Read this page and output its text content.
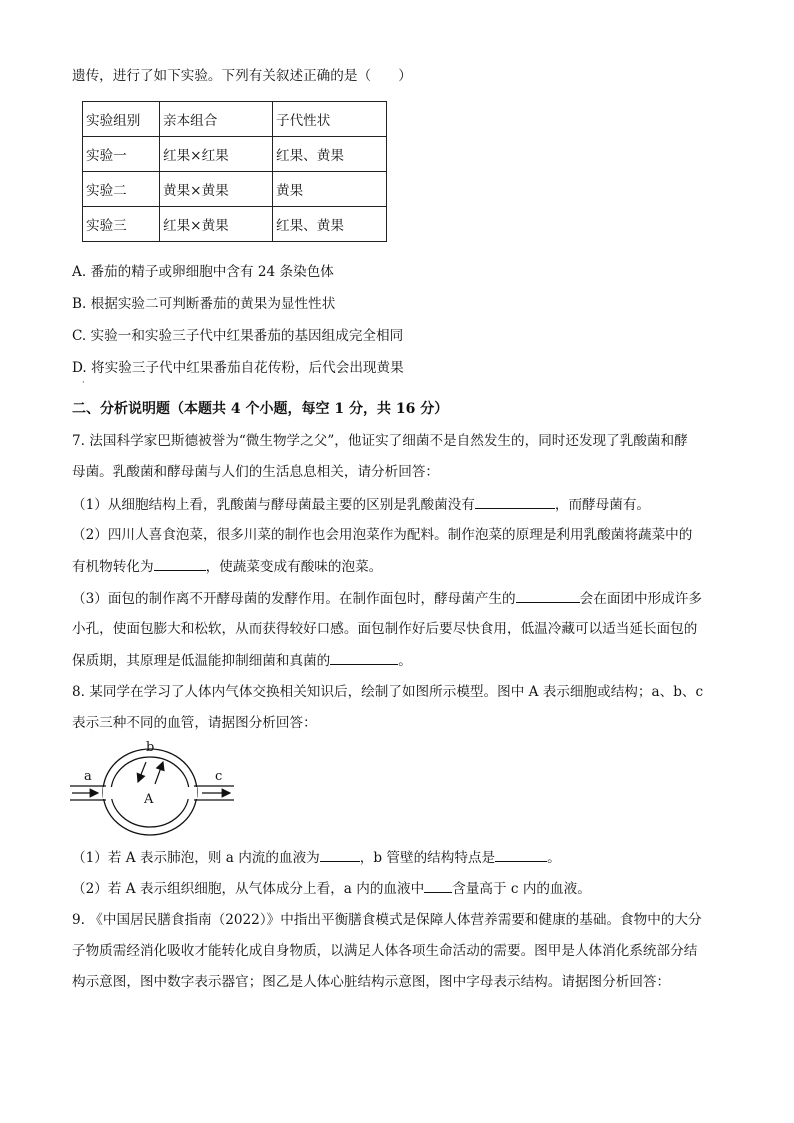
遗传，进行了如下实验。下列有关叙述正确的是（　　）
实验组别	亲本组合	子代性状
实验一	红果×红果	红果、黄果
实验二	黄果×黄果	黄果
实验三	红果×黄果	红果、黄果
A. 番茄的精子或卵细胞中含有 24 条染色体
B. 根据实验二可判断番茄的黄果为显性性状
C. 实验一和实验三子代中红果番茄的基因组成完全相同
D. 将实验三子代中红果番茄自花传粉，后代会出现黄果
·
二、分析说明题（本题共 4 个小题，每空 1 分，共 16 分）
7. 法国科学家巴斯德被誉为“微生物学之父”，他证实了细菌不是自然发生的，同时还发现了乳酸菌和酵
母菌。乳酸菌和酵母菌与人们的生活息息相关，请分析回答：
（1）从细胞结构上看，乳酸菌与酵母菌最主要的区别是乳酸菌没有	，而酵母菌有。
（2）四川人喜食泡菜，很多川菜的制作也会用泡菜作为配料。制作泡菜的原理是利用乳酸菌将蔬菜中的
有机物转化为	，使蔬菜变成有酸味的泡菜。
（3）面包的制作离不开酵母菌的发酵作用。在制作面包时，酵母菌产生的	会在面团中形成许多
小孔，使面包膨大和松软，从而获得较好口感。面包制作好后要尽快食用，低温冷藏可以适当延长面包的
保质期，其原理是低温能抑制细菌和真菌的	。
8. 某同学在学习了人体内气体交换相关知识后，绘制了如图所示模型。图中 A 表示细胞或结构；a、b、c
表示三种不同的血管，请据图分析回答：
a
b
c
A
（1）若 A 表示肺泡，则 a 内流的血液为	，b 管壁的结构特点是	。
（2）若 A 表示组织细胞，从气体成分上看，a 内的血液中 含量高于 c 内的血液。
9. 《中国居民膳食指南（2022）》中指出平衡膳食模式是保障人体营养需要和健康的基础。食物中的大分
子物质需经消化吸收才能转化成自身物质，以满足人体各项生命活动的需要。图甲是人体消化系统部分结
构示意图，图中数字表示器官；图乙是人体心脏结构示意图，图中字母表示结构。请据图分析回答：
